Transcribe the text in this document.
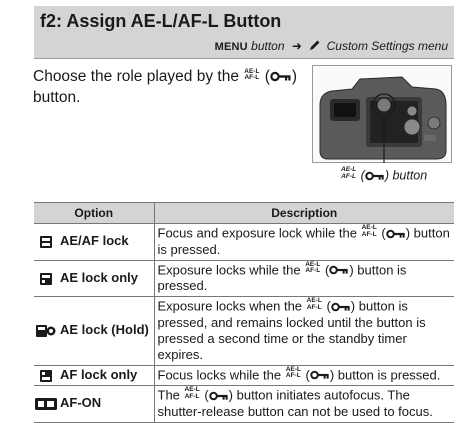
f2: Assign AE-L/AF-L Button
MENU button ➜ Custom Settings menu
Choose the role played by the AE-L
AF-L ( ) button.
AE-L
AF-L ( ) button
Option		Description
	AE/AF lock	Focus and exposure lock while the AE-L
AF-L ( ) button is pressed.
	AE lock only	Exposure locks while the AE-L
AF-L ( ) button is pressed.
	AE lock (Hold)	Exposure locks when the AE-L
AF-L ( ) button is pressed, and remains locked until the button is pressed a second time or the standby timer expires.
	AF lock only	Focus locks while the AE-L
AF-L ( ) button is pressed.
	AF-ON	The AE-L
AF-L ( ) button initiates autofocus. The shutter-release button can not be used to focus.
